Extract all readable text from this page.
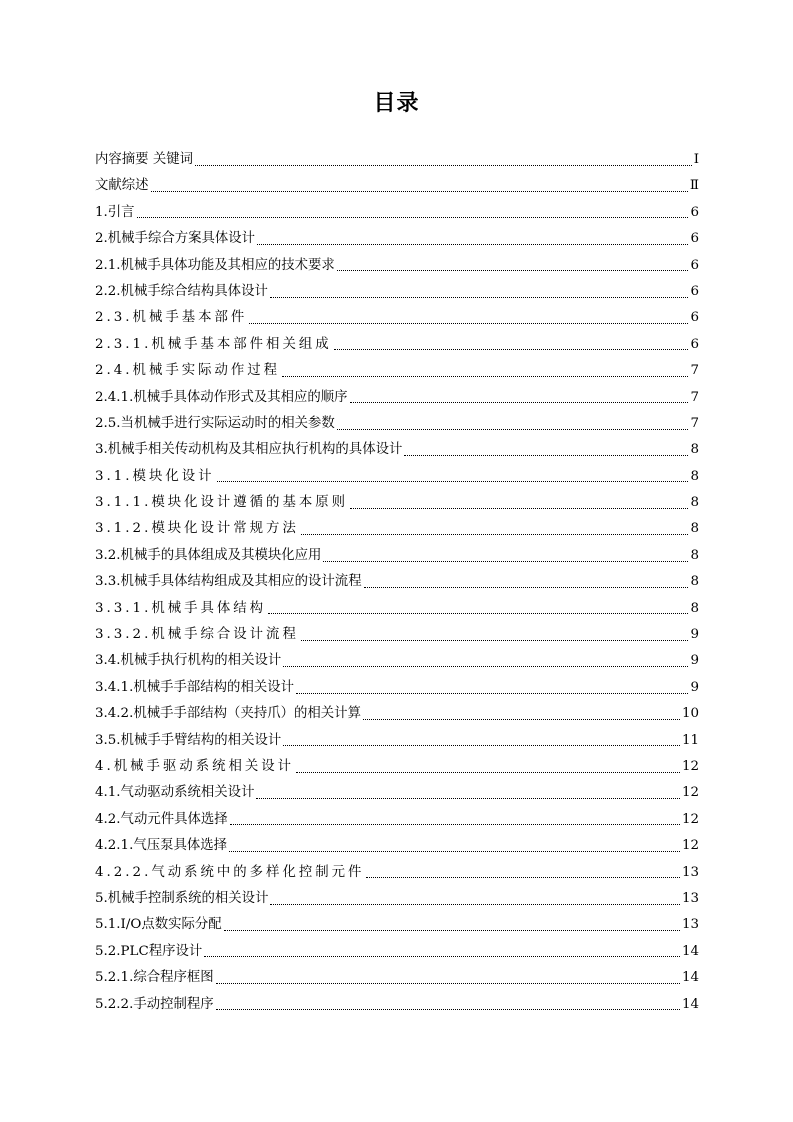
目录
内容摘要 关键词	I
文献综述	Ⅱ
1.引言	6
2.机械手综合方案具体设计	6
2.1.机械手具体功能及其相应的技术要求	6
2.2.机械手综合结构具体设计	6
2.3.机械手基本部件	6
2.3.1.机械手基本部件相关组成	6
2.4.机械手实际动作过程	7
2.4.1.机械手具体动作形式及其相应的顺序	7
2.5.当机械手进行实际运动时的相关参数	7
3.机械手相关传动机构及其相应执行机构的具体设计	8
3.1.模块化设计	8
3.1.1.模块化设计遵循的基本原则	8
3.1.2.模块化设计常规方法	8
3.2.机械手的具体组成及其模块化应用	8
3.3.机械手具体结构组成及其相应的设计流程	8
3.3.1.机械手具体结构	8
3.3.2.机械手综合设计流程	9
3.4.机械手执行机构的相关设计	9
3.4.1.机械手手部结构的相关设计	9
3.4.2.机械手手部结构（夹持爪）的相关计算	10
3.5.机械手手臂结构的相关设计	11
4.机械手驱动系统相关设计	12
4.1.气动驱动系统相关设计	12
4.2.气动元件具体选择	12
4.2.1.气压泵具体选择	12
4.2.2.气动系统中的多样化控制元件	13
5.机械手控制系统的相关设计	13
5.1.I/O点数实际分配	13
5.2.PLC程序设计	14
5.2.1.综合程序框图	14
5.2.2.手动控制程序	14
